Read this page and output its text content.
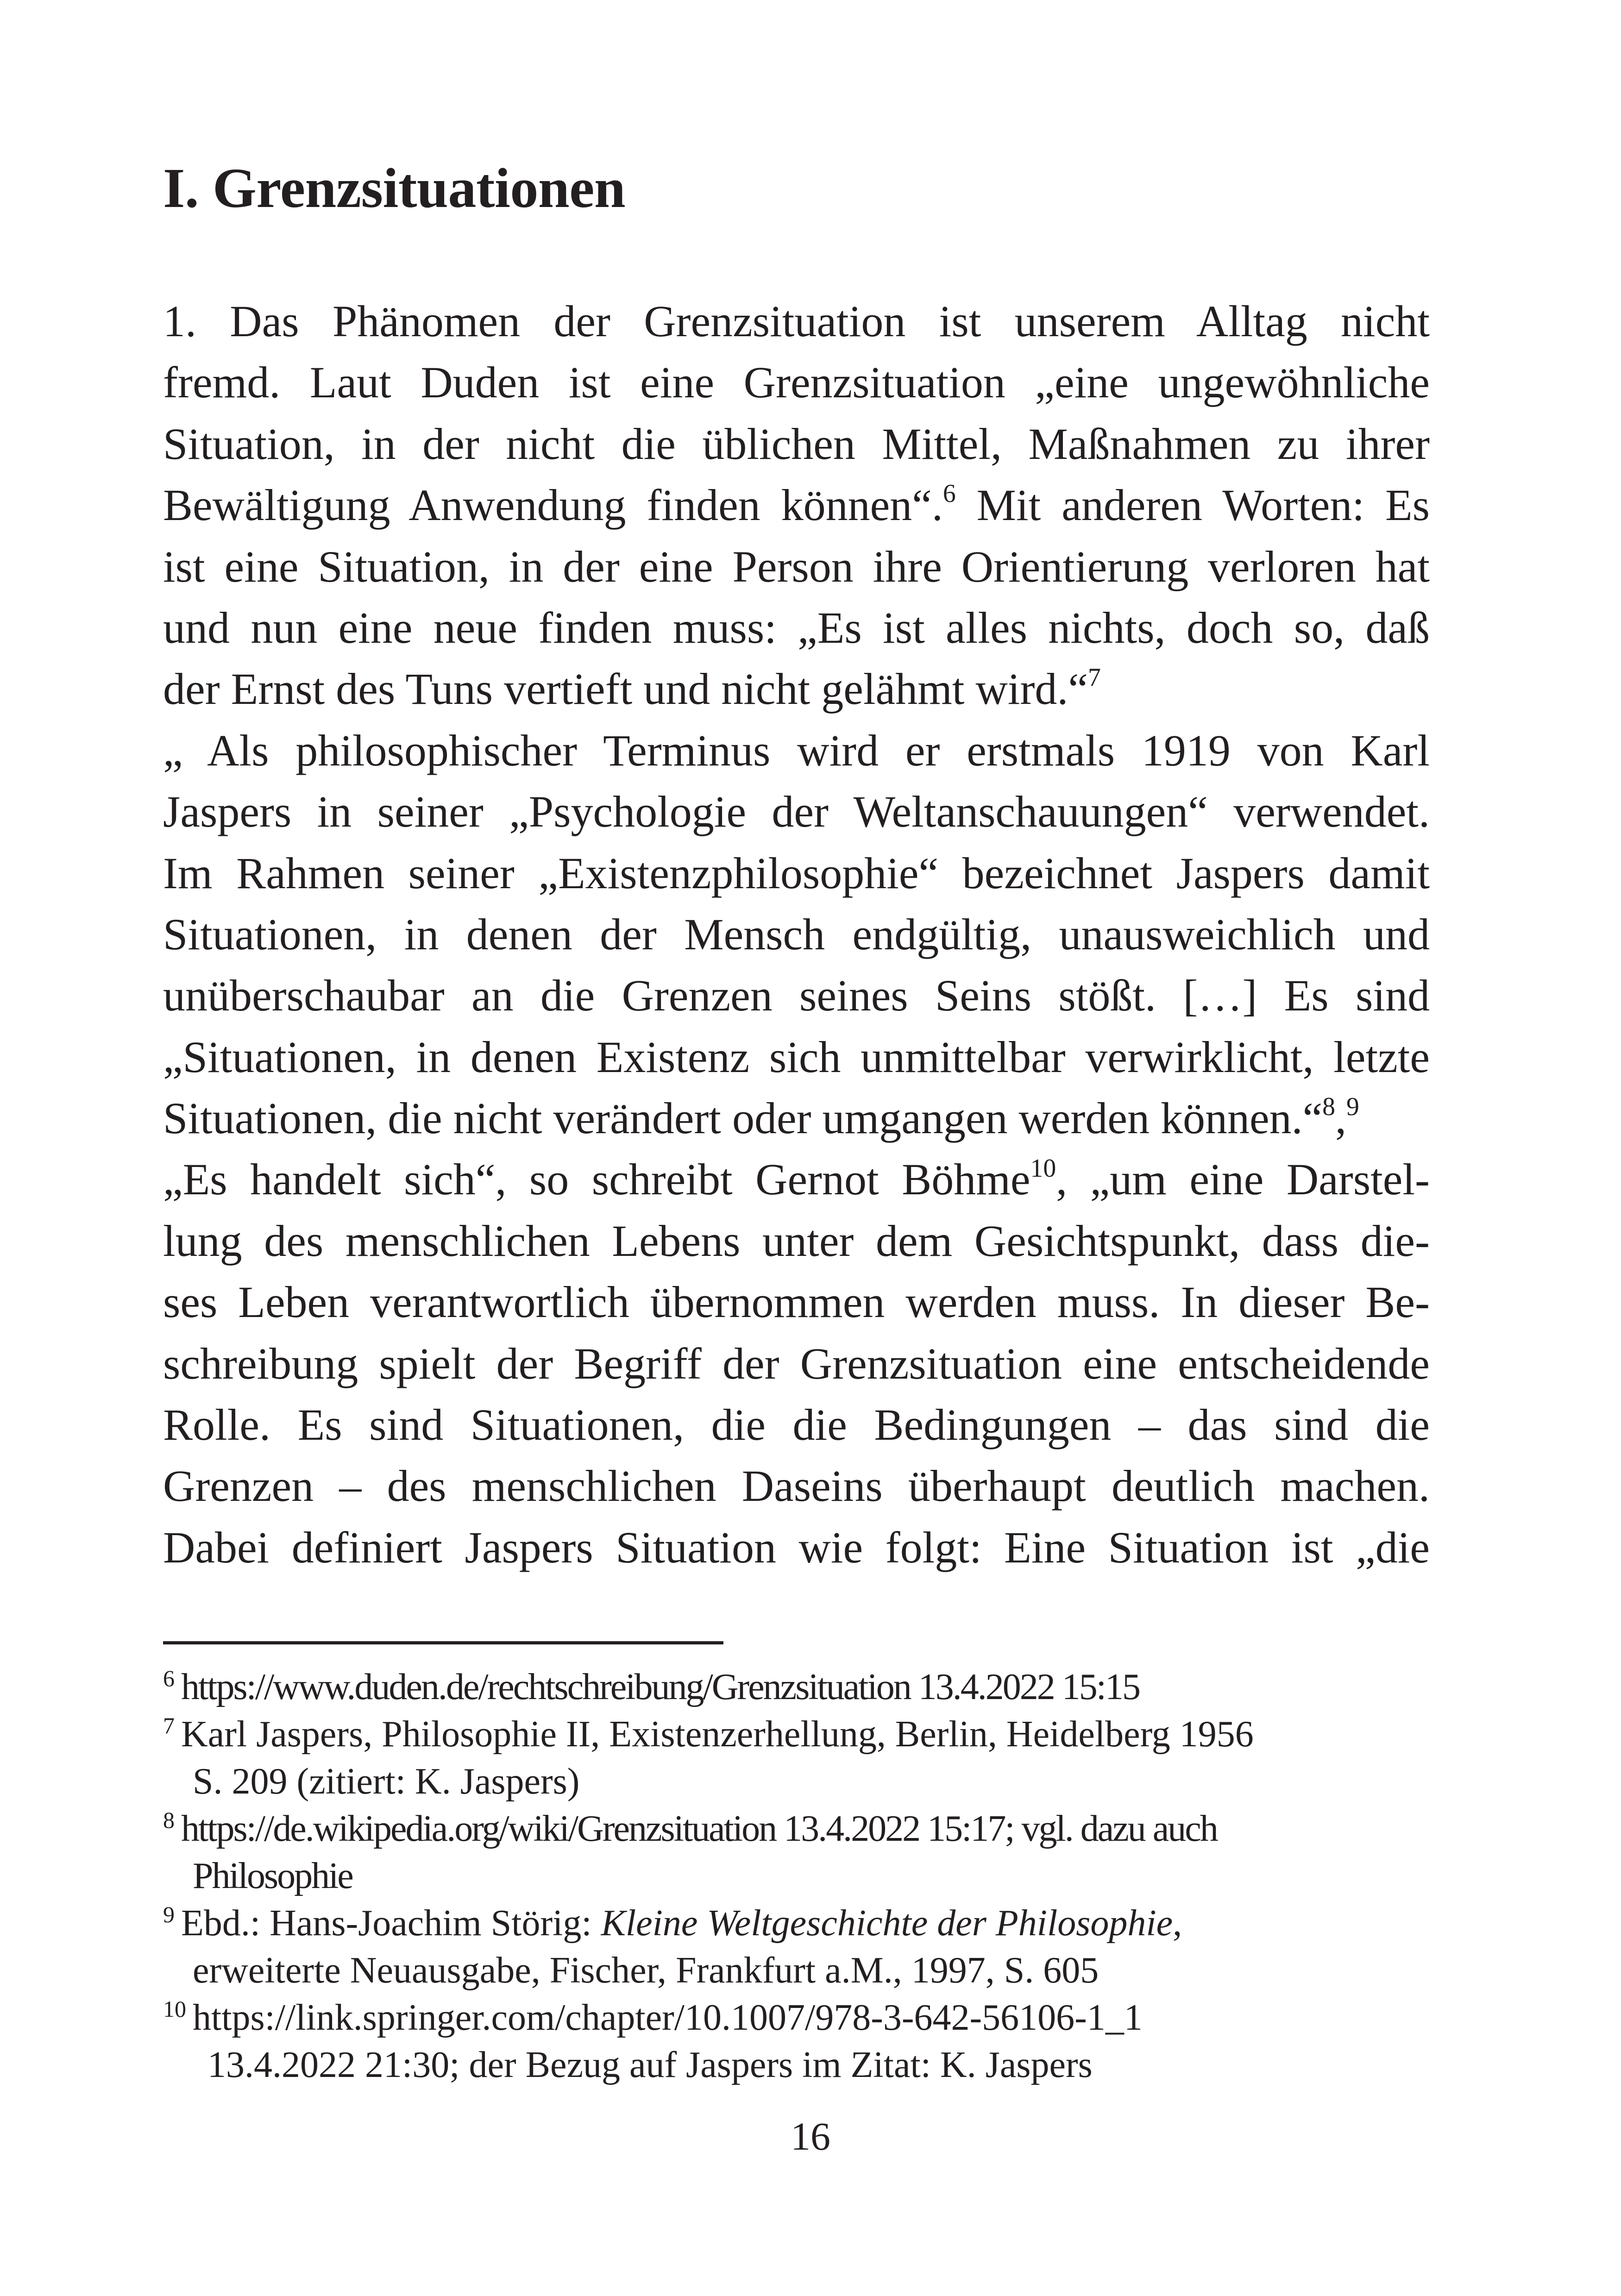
I. Grenzsituationen
1. Das Phänomen der Grenzsituation ist unserem Alltag nicht
fremd. Laut Duden ist eine Grenzsituation „eine ungewöhnliche
Situation, in der nicht die üblichen Mittel, Maßnahmen zu ihrer
Bewältigung Anwendung finden können“.$^6$ Mit anderen Worten: Es
ist eine Situation, in der eine Person ihre Orientierung verloren hat
und nun eine neue finden muss: „Es ist alles nichts, doch so, daß
der Ernst des Tuns vertieft und nicht gelähmt wird.“$^7$
„ Als philosophischer Terminus wird er erstmals 1919 von Karl
Jaspers in seiner „Psychologie der Weltanschauungen“ verwendet.
Im Rahmen seiner „Existenzphilosophie“ bezeichnet Jaspers damit
Situationen, in denen der Mensch endgültig, unausweichlich und
unüberschaubar an die Grenzen seines Seins stößt. […] Es sind
„Situationen, in denen Existenz sich unmittelbar verwirklicht, letzte
Situationen, die nicht verändert oder umgangen werden können.“$^8$,$^9$
„Es handelt sich“, so schreibt Gernot Böhme$^{10}$, „um eine Darstel-
lung des menschlichen Lebens unter dem Gesichtspunkt, dass die-
ses Leben verantwortlich übernommen werden muss. In dieser Be-
schreibung spielt der Begriff der Grenzsituation eine entscheidende
Rolle. Es sind Situationen, die die Bedingungen – das sind die
Grenzen – des menschlichen Daseins überhaupt deutlich machen.
Dabei definiert Jaspers Situation wie folgt: Eine Situation ist „die
$^6$ https://www.duden.de/rechtschreibung/Grenzsituation 13.4.2022 15:15
$^7$ Karl Jaspers, Philosophie II, Existenzerhellung, Berlin, Heidelberg 1956
S. 209 (zitiert: K. Jaspers)
$^8$ https://de.wikipedia.org/wiki/Grenzsituation 13.4.2022 15:17; vgl. dazu auch
Philosophie
$^9$ Ebd.: Hans-Joachim Störig: Kleine Weltgeschichte der Philosophie,
erweiterte Neuausgabe, Fischer, Frankfurt a.M., 1997, S. 605
$^{10}$ https://link.springer.com/chapter/10.1007/978-3-642-56106-1_1
13.4.2022 21:30; der Bezug auf Jaspers im Zitat: K. Jaspers
16
